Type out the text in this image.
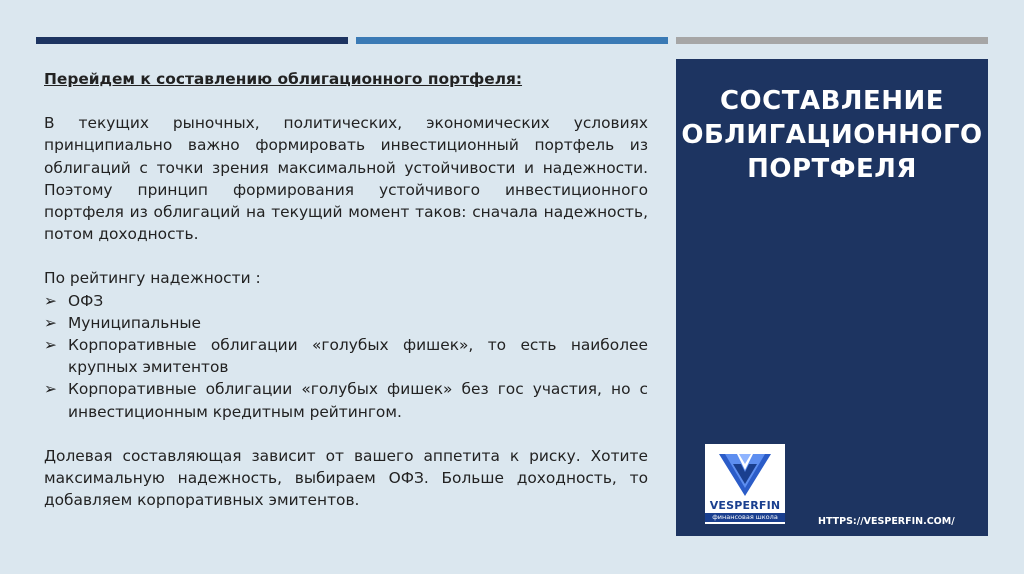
Перейдем к составлению облигационного портфеля:

В текущих рыночных, политических, экономических условиях принципиально важно формировать инвестиционный портфель из облигаций с точки зрения максимальной устойчивости и надежности. Поэтому принцип формирования устойчивого инвестиционного портфеля из облигаций на текущий момент таков: сначала надежность, потом доходность.

По рейтингу надежности :

➢ ОФЗ
➢ Муниципальные
➢ Корпоративные облигации «голубых фишек», то есть наиболее крупных эмитентов
➢ Корпоративные облигации «голубых фишек» без гос участия, но с инвестиционным кредитным рейтингом.

Долевая составляющая зависит от вашего аппетита к риску. Хотите максимальную надежность, выбираем ОФЗ. Больше доходность, то добавляем корпоративных эмитентов.

СОСТАВЛЕНИЕ
ОБЛИГАЦИОННОГО
ПОРТФЕЛЯ
VESPERFIN
финансовая школа	HTTPS://VESPERFIN.COM/
